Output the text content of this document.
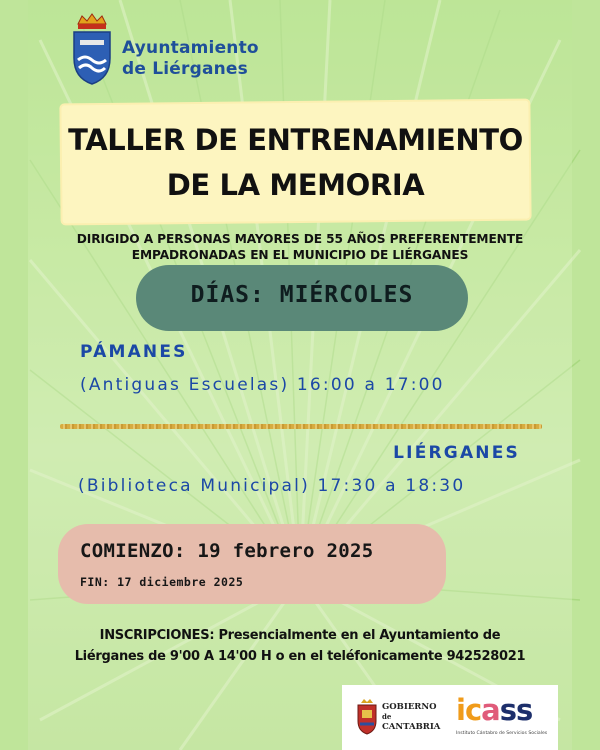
Ayuntamiento
de Liérganes
TALLER DE ENTRENAMIENTO
DE LA MEMORIA
DIRIGIDO A PERSONAS MAYORES DE 55 AÑOS PREFERENTEMENTE
EMPADRONADAS EN EL MUNICIPIO DE LIÉRGANES
DÍAS: MIÉRCOLES
PÁMANES
(Antiguas Escuelas) 16:00 a 17:00
LIÉRGANES
(Biblioteca Municipal) 17:30 a 18:30
COMIENZO: 19 febrero 2025
FIN: 17 diciembre 2025
INSCRIPCIONES: Presencialmente en el Ayuntamiento de
Liérganes de 9'00 A 14'00 H o en el teléfonicamente 942528021
GOBIERNO
de
CANTABRIA icass
Instituto Cántabro de Servicios Sociales
